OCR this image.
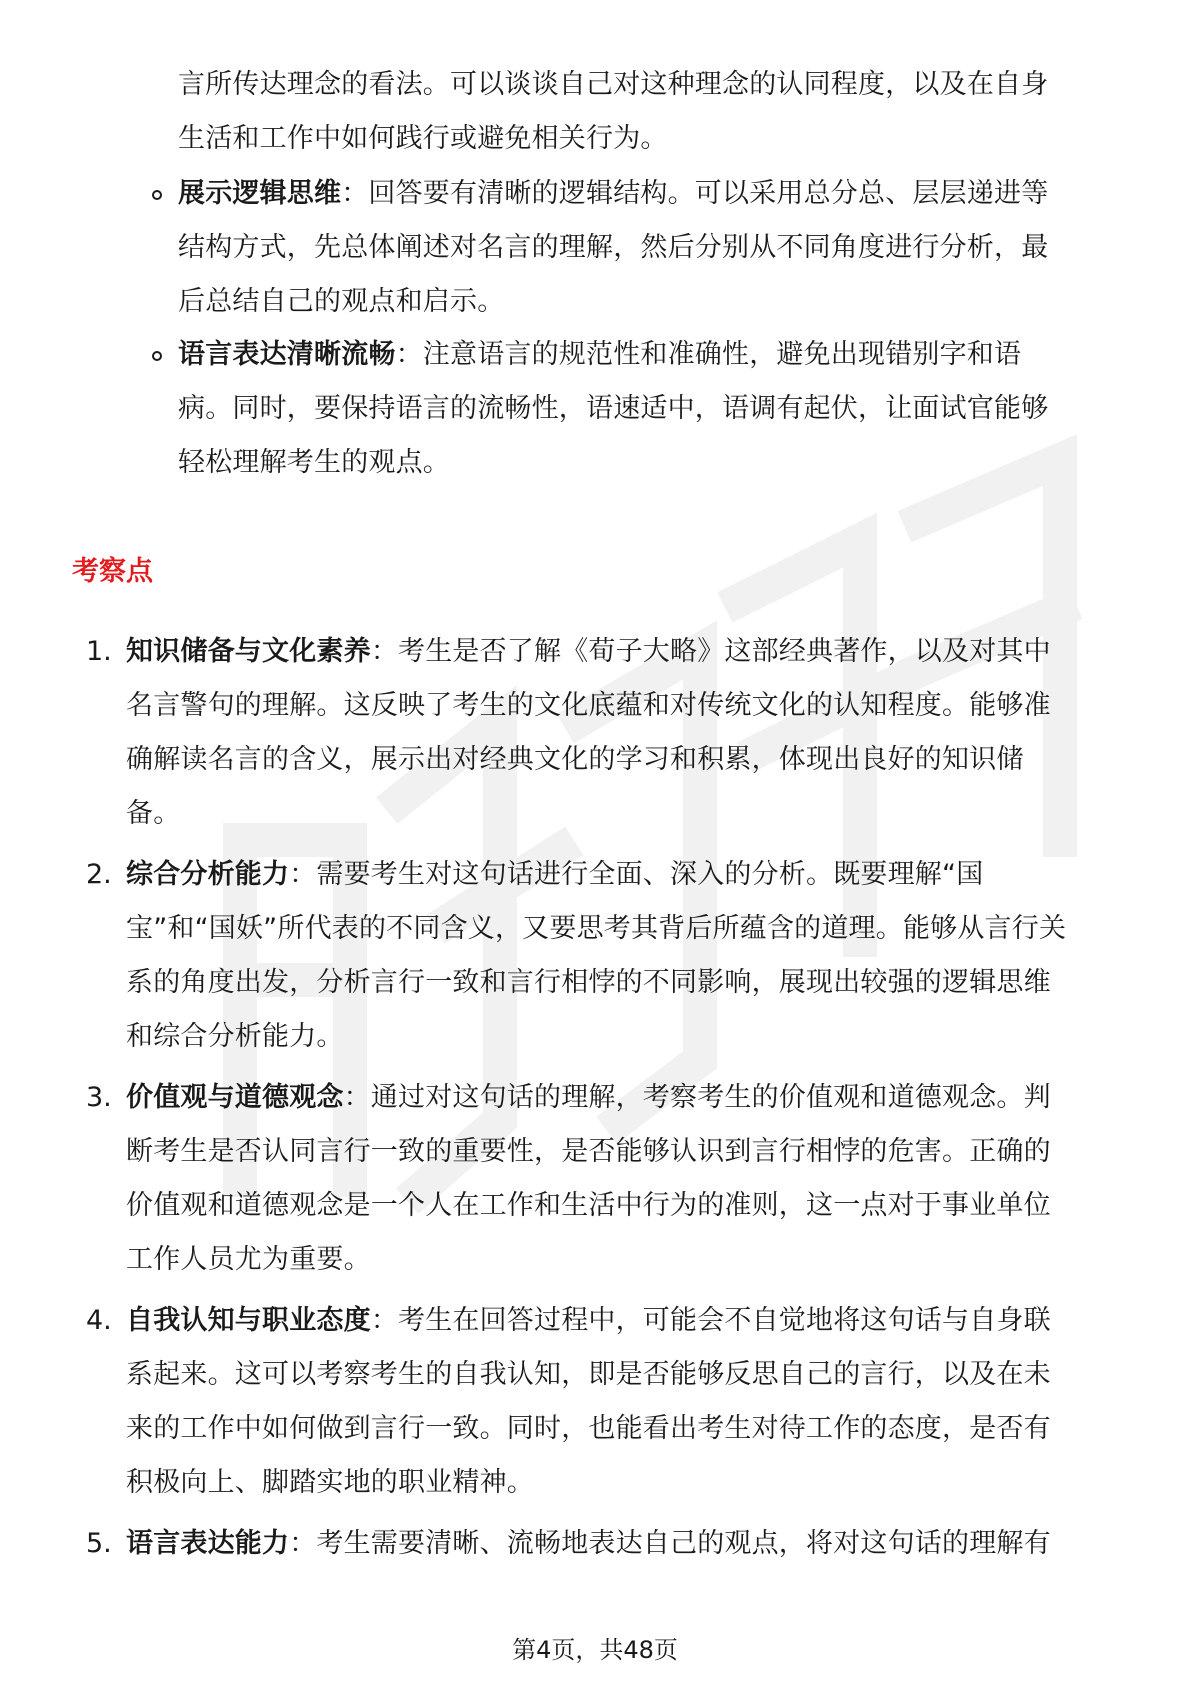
言所传达理念的看法。可以谈谈自己对这种理念的认同程度，以及在自身
生活和工作中如何践行或避免相关行为。
展示逻辑思维：回答要有清晰的逻辑结构。可以采用总分总、层层递进等
结构方式，先总体阐述对名言的理解，然后分别从不同角度进行分析，最
后总结自己的观点和启示。
语言表达清晰流畅：注意语言的规范性和准确性，避免出现错别字和语
病。同时，要保持语言的流畅性，语速适中，语调有起伏，让面试官能够
轻松理解考生的观点。
考察点
1. 知识储备与文化素养：考生是否了解《荀子大略》这部经典著作，以及对其中
名言警句的理解。这反映了考生的文化底蕴和对传统文化的认知程度。能够准
确解读名言的含义，展示出对经典文化的学习和积累，体现出良好的知识储
备。
2. 综合分析能力：需要考生对这句话进行全面、深入的分析。既要理解“国
宝”和“国妖”所代表的不同含义，又要思考其背后所蕴含的道理。能够从言行关
系的角度出发，分析言行一致和言行相悖的不同影响，展现出较强的逻辑思维
和综合分析能力。
3. 价值观与道德观念：通过对这句话的理解，考察考生的价值观和道德观念。判
断考生是否认同言行一致的重要性，是否能够认识到言行相悖的危害。正确的
价值观和道德观念是一个人在工作和生活中行为的准则，这一点对于事业单位
工作人员尤为重要。
4. 自我认知与职业态度：考生在回答过程中，可能会不自觉地将这句话与自身联
系起来。这可以考察考生的自我认知，即是否能够反思自己的言行，以及在未
来的工作中如何做到言行一致。同时，也能看出考生对待工作的态度，是否有
积极向上、脚踏实地的职业精神。
5. 语言表达能力：考生需要清晰、流畅地表达自己的观点，将对这句话的理解有
第4页，共48页
